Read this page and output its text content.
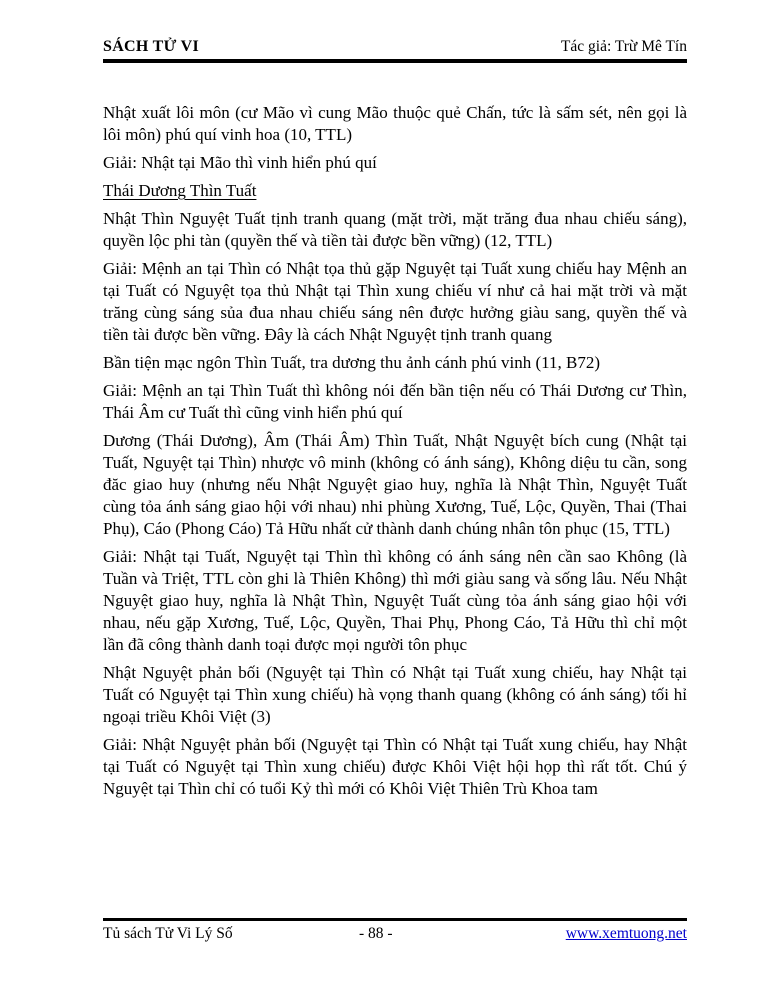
SÁCH TỬ VI	Tác giả: Trừ Mê Tín

Nhật xuất lôi môn (cư Mão vì cung Mão thuộc quẻ Chấn, tức là sấm sét, nên gọi là lôi môn) phú quí vinh hoa (10, TTL)

Giải: Nhật tại Mão thì vinh hiển phú quí

Thái Dương Thìn Tuất

Nhật Thìn Nguyệt Tuất tịnh tranh quang (mặt trời, mặt trăng đua nhau chiếu sáng), quyền lộc phi tàn (quyền thế và tiền tài được bền vững) (12, TTL)

Giải: Mệnh an tại Thìn có Nhật tọa thủ gặp Nguyệt tại Tuất xung chiếu hay Mệnh an tại Tuất có Nguyệt tọa thủ Nhật tại Thìn xung chiếu ví như cả hai mặt trời và mặt trăng cùng sáng sủa đua nhau chiếu sáng nên được hưởng giàu sang, quyền thế và tiền tài được bền vững. Đây là cách Nhật Nguyệt tịnh tranh quang

Bần tiện mạc ngôn Thìn Tuất, tra dương thu ảnh cánh phú vinh (11, B72)

Giải: Mệnh an tại Thìn Tuất thì không nói đến bần tiện nếu có Thái Dương cư Thìn, Thái Âm cư Tuất thì cũng vinh hiển phú quí

Dương (Thái Dương), Âm (Thái Âm) Thìn Tuất, Nhật Nguyệt bích cung (Nhật tại Tuất, Nguyệt tại Thìn) nhược vô minh (không có ánh sáng), Không diệu tu cần, song đăc giao huy (nhưng nếu Nhật Nguyệt giao huy, nghĩa là Nhật Thìn, Nguyệt Tuất cùng tỏa ánh sáng giao hội với nhau) nhi phùng Xương, Tuế, Lộc, Quyền, Thai (Thai Phụ), Cáo (Phong Cáo) Tả Hữu nhất cử thành danh chúng nhân tôn phục (15, TTL)

Giải: Nhật tại Tuất, Nguyệt tại Thìn thì không có ánh sáng nên cần sao Không (là Tuần và Triệt, TTL còn ghi là Thiên Không) thì mới giàu sang và sống lâu. Nếu Nhật Nguyệt giao huy, nghĩa là Nhật Thìn, Nguyệt Tuất cùng tỏa ánh sáng giao hội với nhau, nếu gặp Xương, Tuế, Lộc, Quyền, Thai Phụ, Phong Cáo, Tả Hữu thì chỉ một lần đã công thành danh toại được mọi người tôn phục

Nhật Nguyệt phản bối (Nguyệt tại Thìn có Nhật tại Tuất xung chiếu, hay Nhật tại Tuất có Nguyệt tại Thìn xung chiếu) hà vọng thanh quang (không có ánh sáng) tối hỉ ngoại triều Khôi Việt (3)

Giải: Nhật Nguyệt phản bối (Nguyệt tại Thìn có Nhật tại Tuất xung chiếu, hay Nhật tại Tuất có Nguyệt tại Thìn xung chiếu) được Khôi Việt hội họp thì rất tốt. Chú ý Nguyệt tại Thìn chỉ có tuổi Kỷ thì mới có Khôi Việt Thiên Trù Khoa tam

Tủ sách Tử Vi Lý Số	- 88 -	www.xemtuong.net
